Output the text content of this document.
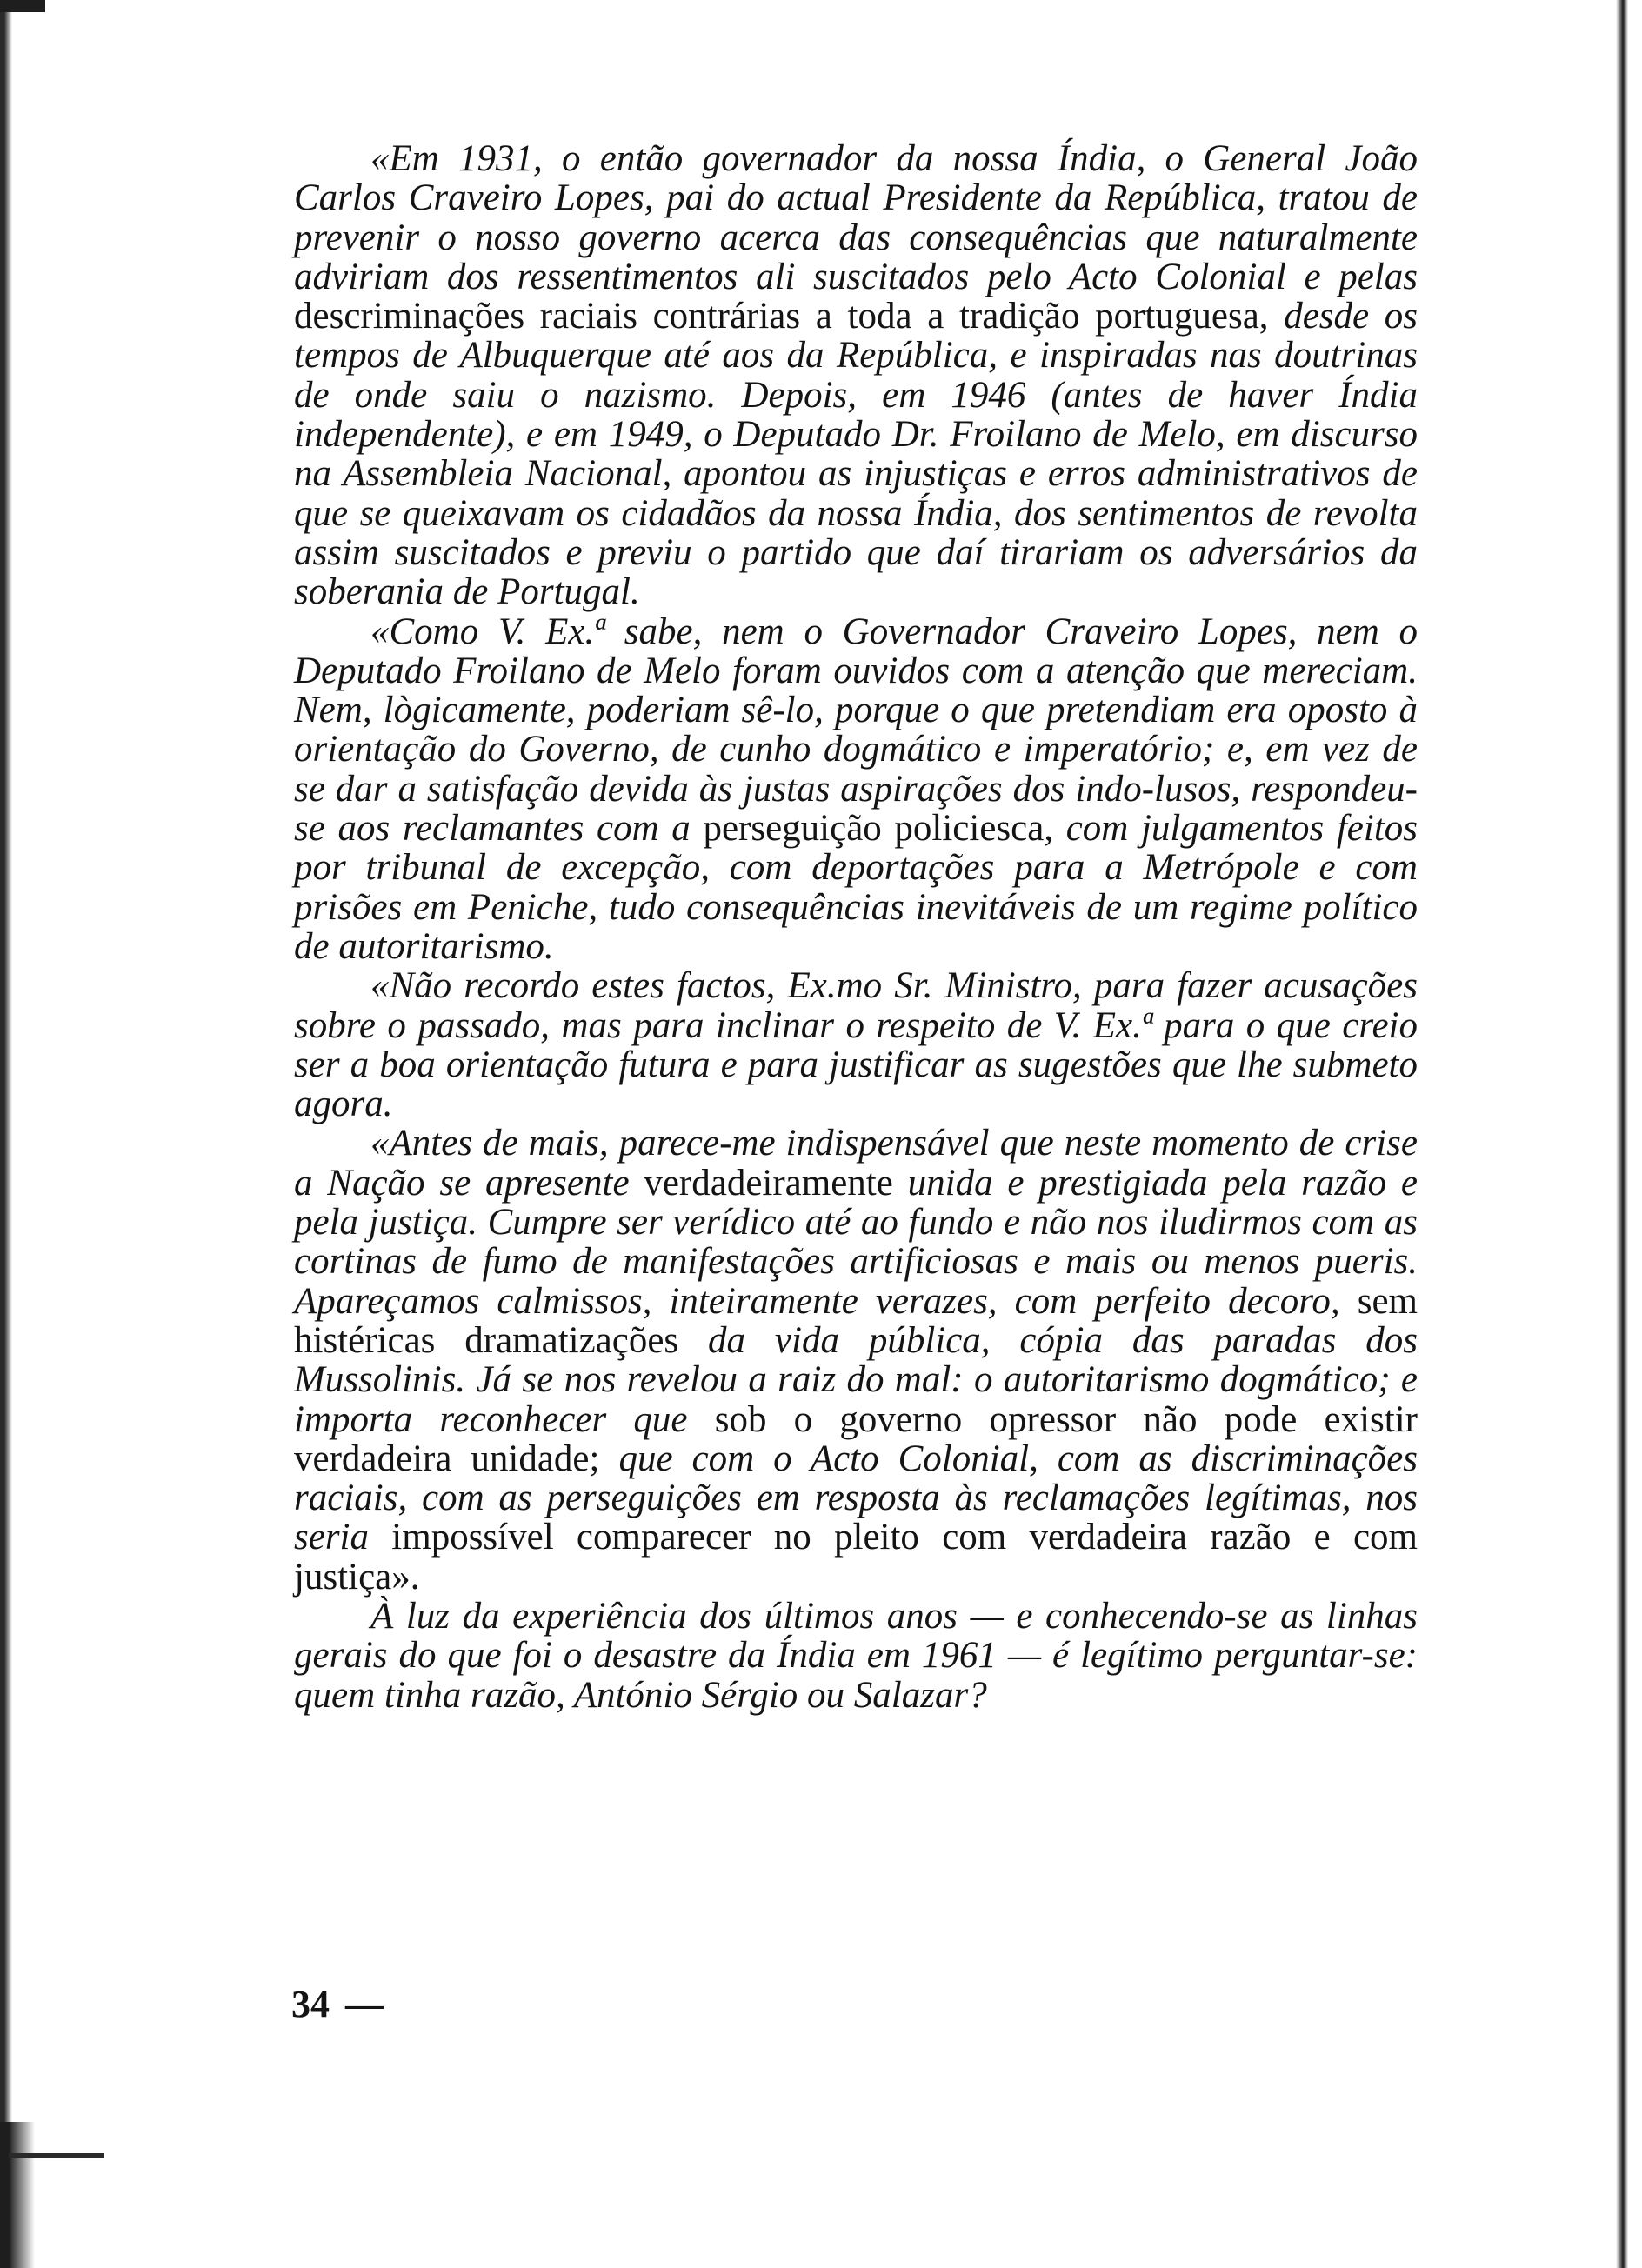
«Em 1931, o então governador da nossa Índia, o General João Carlos Craveiro Lopes, pai do actual Presidente da República, tratou de prevenir o nosso governo acerca das consequências que naturalmente adviriam dos ressentimentos ali suscitados pelo Acto Colonial e pelas descriminações raciais contrárias a toda a tradição portuguesa, desde os tempos de Albuquerque até aos da República, e inspiradas nas doutrinas de onde saiu o nazismo. Depois, em 1946 (antes de haver Índia independente), e em 1949, o Deputado Dr. Froilano de Melo, em discurso na Assembleia Nacional, apontou as injustiças e erros administrativos de que se queixavam os cidadãos da nossa Índia, dos sentimentos de revolta assim suscitados e previu o partido que daí tirariam os adversários da soberania de Portugal.

«Como V. Ex.ª sabe, nem o Governador Craveiro Lopes, nem o Deputado Froilano de Melo foram ouvidos com a atenção que mereciam. Nem, lògicamente, poderiam sê-lo, porque o que pretendiam era oposto à orientação do Governo, de cunho dogmático e imperatório; e, em vez de se dar a satisfação devida às justas aspirações dos indo-lusos, respondeu-se aos reclamantes com a perseguição policiesca, com julgamentos feitos por tribunal de excepção, com deportações para a Metrópole e com prisões em Peniche, tudo consequências inevitáveis de um regime político de autoritarismo.

«Não recordo estes factos, Ex.mo Sr. Ministro, para fazer acusações sobre o passado, mas para inclinar o respeito de V. Ex.ª para o que creio ser a boa orientação futura e para justificar as sugestões que lhe submeto agora.

«Antes de mais, parece-me indispensável que neste momento de crise a Nação se apresente verdadeiramente unida e prestigiada pela razão e pela justiça. Cumpre ser verídico até ao fundo e não nos iludirmos com as cortinas de fumo de manifestações artificiosas e mais ou menos pueris. Apareçamos calmissos, inteiramente verazes, com perfeito decoro, sem histéricas dramatizações da vida pública, cópia das paradas dos Mussolinis. Já se nos revelou a raiz do mal: o autoritarismo dogmático; e importa reconhecer que sob o governo opressor não pode existir verdadeira unidade; que com o Acto Colonial, com as discriminações raciais, com as perseguições em resposta às reclamações legítimas, nos seria impossível comparecer no pleito com verdadeira razão e com justiça».

À luz da experiência dos últimos anos — e conhecendo-se as linhas gerais do que foi o desastre da Índia em 1961 — é legítimo perguntar-se: quem tinha razão, António Sérgio ou Salazar?

34 —
